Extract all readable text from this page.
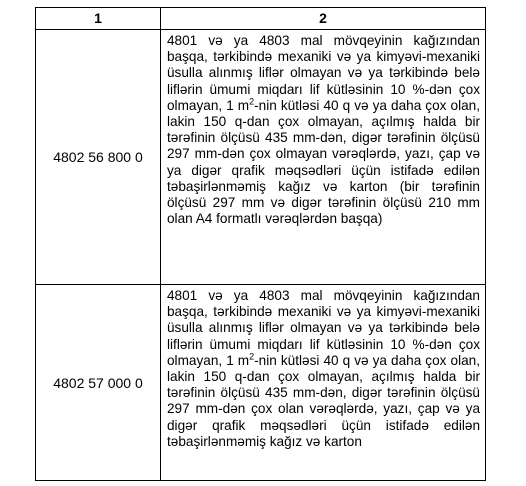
1	2
4802 56 800 0	4801 və ya 4803 mal mövqeyinin kağızından başqa, tərkibində mexaniki və ya kimyəvi-mexaniki üsulla alınmış liflər olmayan və ya tərkibində belə liflərin ümumi miqdarı lif kütləsinin 10 %-dən çox olmayan, 1 $m^2$-nin kütləsi 40 q və ya daha çox olan, lakin 150 q-dan çox olmayan, açılmış halda bir tərəfinin ölçüsü 435 mm-dən, digər tərəfinin ölçüsü 297 mm-dən çox olmayan vərəqlərdə, yazı, çap və ya digər qrafik məqsədləri üçün istifadə edilən təbaşirlənməmiş kağız və karton (bir tərəfinin ölçüsü 297 mm və digər tərəfinin ölçüsü 210 mm olan A4 formatlı vərəqlərdən başqa)
4802 57 000 0	4801 və ya 4803 mal mövqeyinin kağızından başqa, tərkibində mexaniki və ya kimyəvi-mexaniki üsulla alınmış liflər olmayan və ya tərkibində belə liflərin ümumi miqdarı lif kütləsinin 10 %-dən çox olmayan, 1 $m^2$-nin kütləsi 40 q və ya daha çox olan, lakin 150 q-dan çox olmayan, açılmış halda bir tərəfinin ölçüsü 435 mm-dən, digər tərəfinin ölçüsü 297 mm-dən çox olan vərəqlərdə, yazı, çap və ya digər qrafik məqsədləri üçün istifadə edilən təbaşirlənməmiş kağız və karton
